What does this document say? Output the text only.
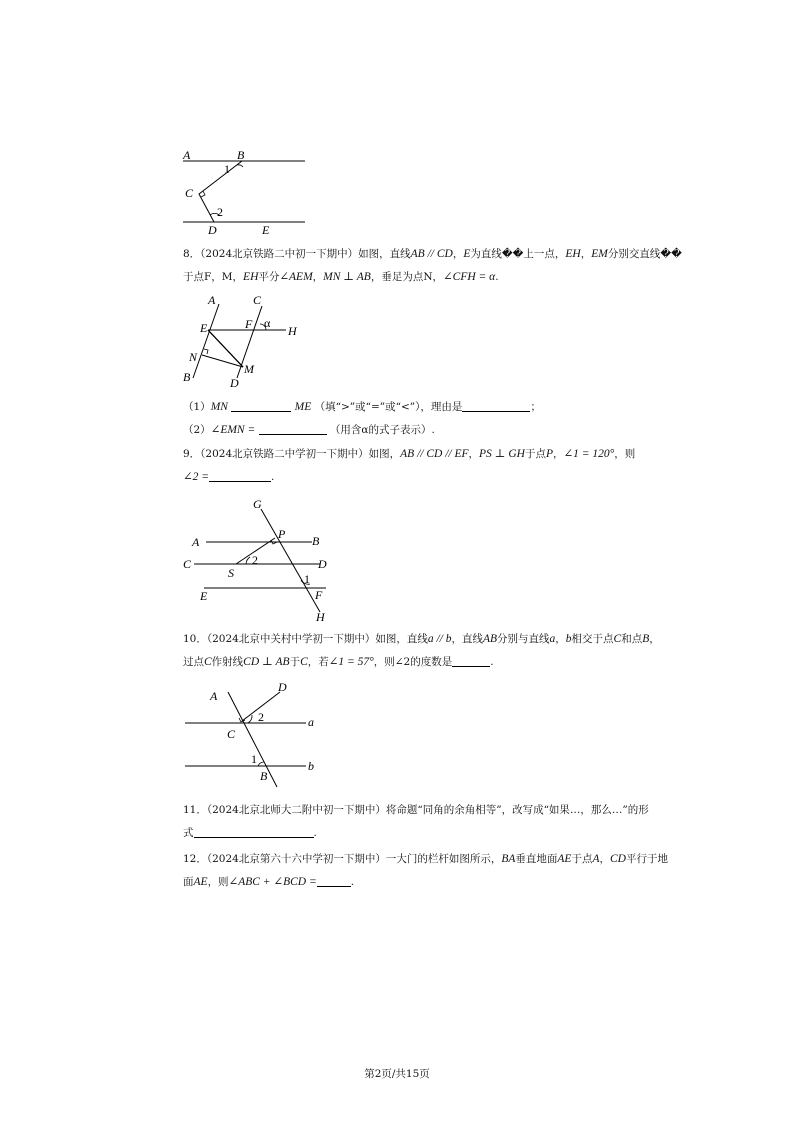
A	B
1
C
2
D	E
8．（2024北京铁路二中初一下期中）如图，直线AB // CD，E为直线��上一点，EH，EM分别交直线��
于点F，M，EH平分∠AEM，MN ⊥ AB，垂足为点N，∠CFH = α.
A	C
α
E	F	H
N
M
B	D
（1）MN	ME （填“>”或“=”或“<”），理由是	；
（2）∠EMN =	（用含α的式子表示）.
9．（2024北京铁路二中学初一下期中）如图，AB // CD // EF，PS ⊥ GH于点P，∠1 = 120°，则
∠2 =	.
G
P
A	B
2
C	D
S	1
E	F
H
10．（2024北京中关村中学初一下期中）如图，直线a // b，直线AB分别与直线a，b相交于点C和点B，
过点C作射线CD ⊥ AB于C，若∠1 = 57°，则∠2的度数是	.
A
D
2	a
C
1	b
B
11．（2024北京北师大二附中初一下期中）将命题“同角的余角相等”，改写成“如果…，那么…”的形
式	.
12．（2024北京第六十六中学初一下期中）一大门的栏杆如图所示，BA垂直地面AE于点A，CD平行于地
面AE，则∠ABC + ∠BCD =	.
第2页/共15页
